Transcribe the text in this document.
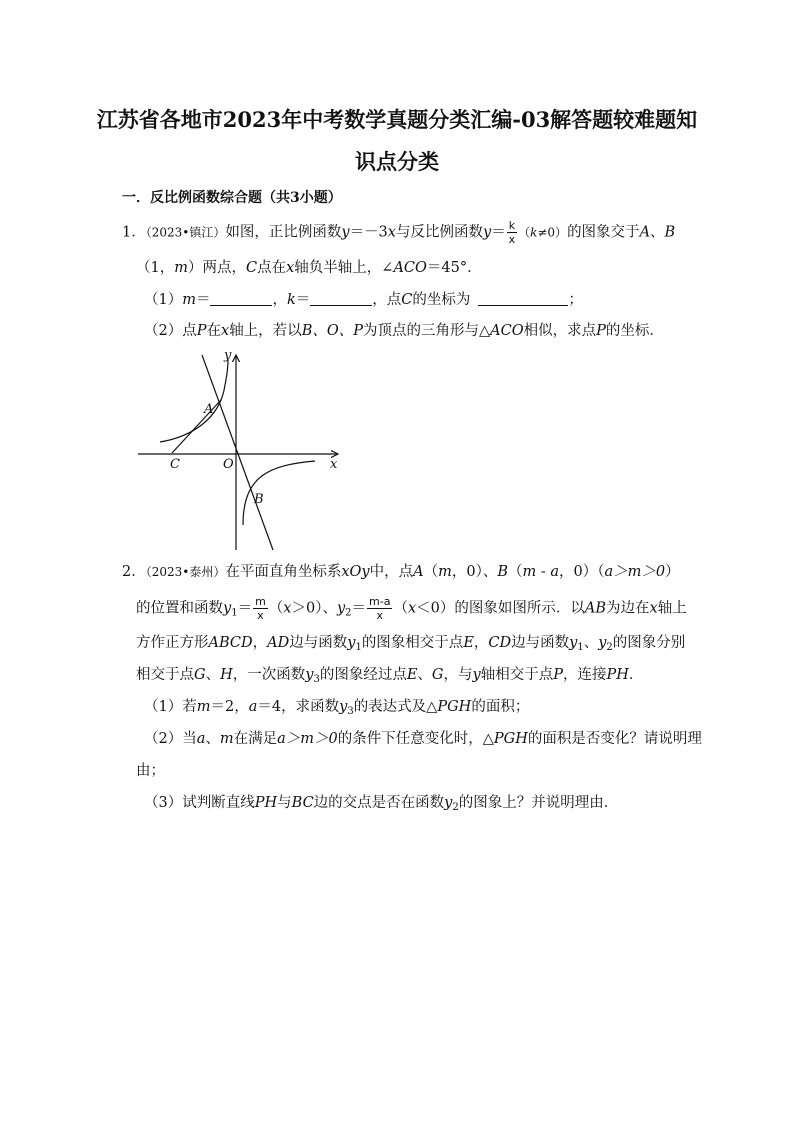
江苏省各地市2023年中考数学真题分类汇编-03解答题较难题知
识点分类
一．反比例函数综合题（共3小题）
1．（2023•镇江）如图，正比例函数y＝－3x与反比例函数$y= \frac{k}{x} (k\ne 0)$的图象交于A、B
（1，m）两点，C点在x轴负半轴上，∠ACO＝45°．
（1）m＝	，k＝	，点C的坐标为	；
（2）点P在x轴上，若以B、O、P为顶点的三角形与△ACO相似，求点P的坐标．
y
x
A
C	O
B
2．（2023•泰州）在平面直角坐标系xOy中，点A（m，0）、B（m - a，0）（a＞m＞0）
的位置和函数$y_1= \frac{m}{x} (x>0)$、$y_2= \frac{m-a}{x} (x<0)$的图象如图所示．以AB为边在x轴上
方作正方形ABCD，AD边与函数$y_1$的图象相交于点E，CD边与函数$y_1$、$y_2$的图象分别
相交于点G、H，一次函数$y_3$的图象经过点E、G，与y轴相交于点P，连接PH．
（1）若m＝2，a＝4，求函数$y_3$的表达式及△PGH的面积；
（2）当a、m在满足a＞m＞0的条件下任意变化时，△PGH的面积是否变化？请说明理
由；
（3）试判断直线PH与BC边的交点是否在函数$y_2$的图象上？并说明理由．
